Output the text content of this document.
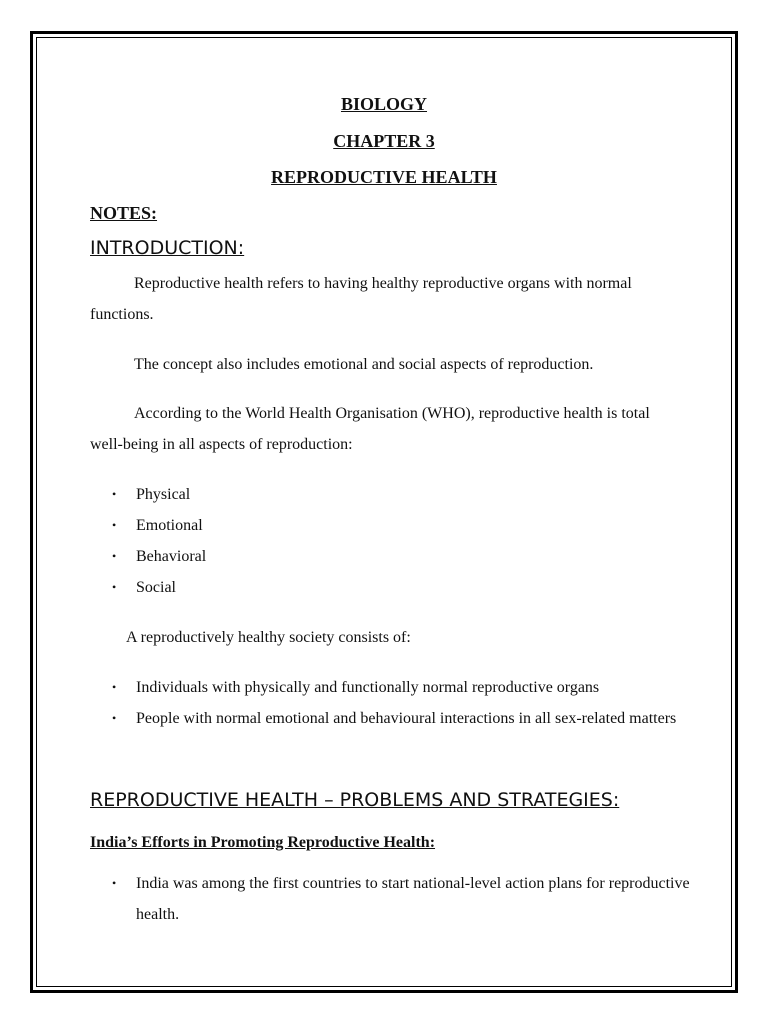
BIOLOGY
CHAPTER 3
REPRODUCTIVE HEALTH
NOTES:
INTRODUCTION:
Reproductive health refers to having healthy reproductive organs with normal functions.
The concept also includes emotional and social aspects of reproduction.
According to the World Health Organisation (WHO), reproductive health is total well-being in all aspects of reproduction:
• Physical
• Emotional
• Behavioral
• Social
A reproductively healthy society consists of:
• Individuals with physically and functionally normal reproductive organs
• People with normal emotional and behavioural interactions in all sex-related matters
REPRODUCTIVE HEALTH – PROBLEMS AND STRATEGIES:
India’s Efforts in Promoting Reproductive Health:
• India was among the first countries to start national-level action plans for reproductive health.
